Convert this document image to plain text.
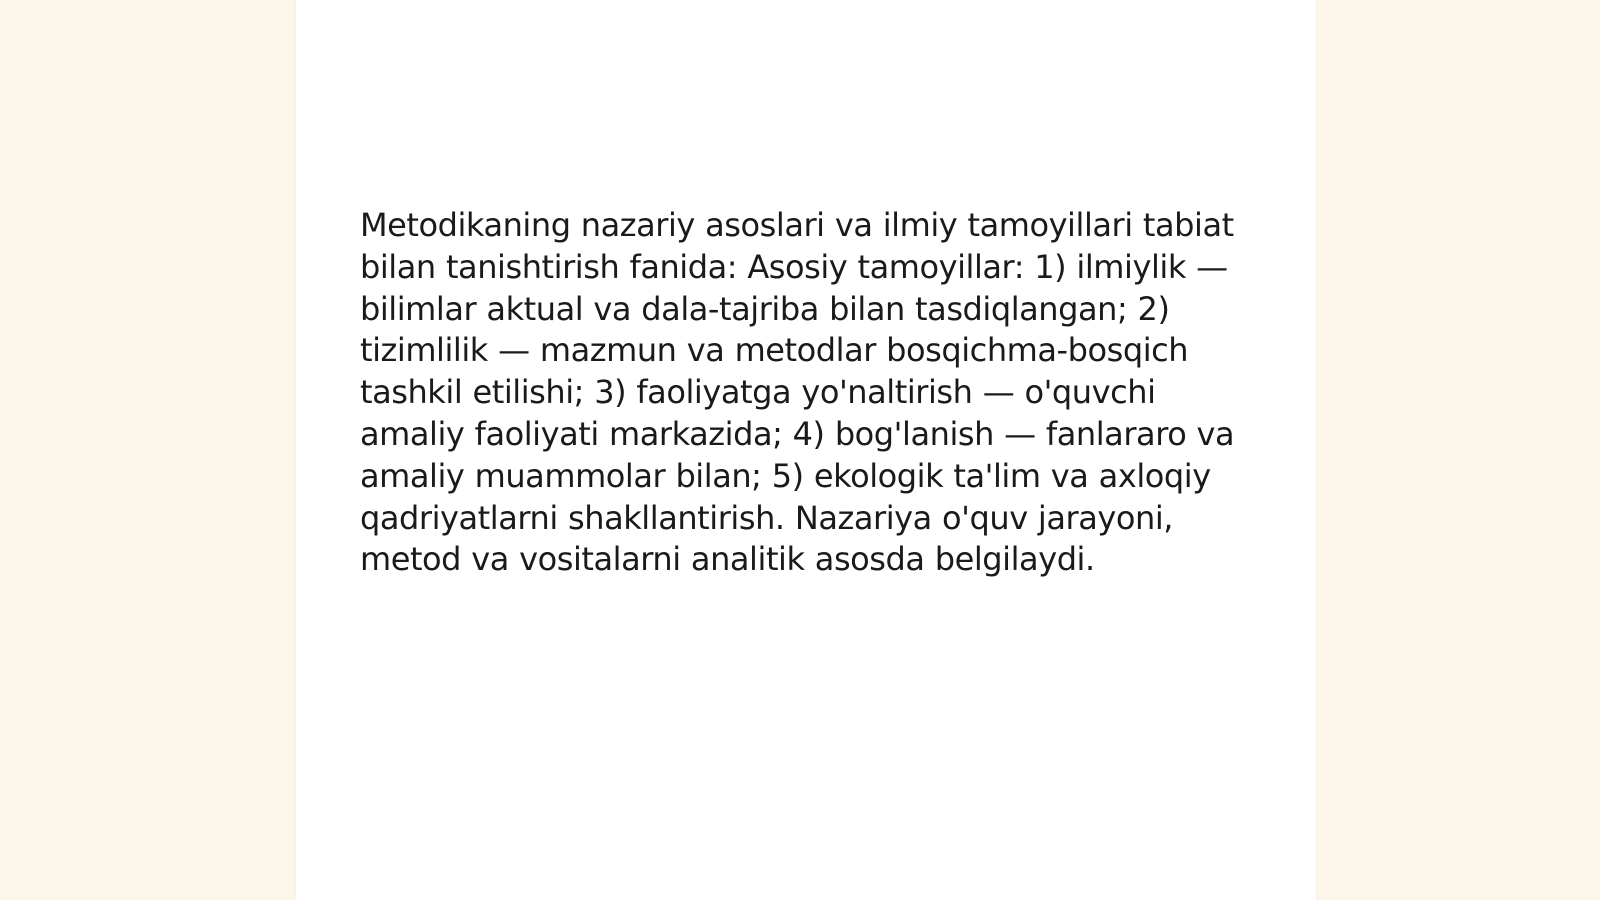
Metodikaning nazariy asoslari va ilmiy tamoyillari tabiat bilan tanishtirish fanida: Asosiy tamoyillar: 1) ilmiylik — bilimlar aktual va dala-tajriba bilan tasdiqlangan; 2) tizimlilik — mazmun va metodlar bosqichma-bosqich tashkil etilishi; 3) faoliyatga yo'naltirish — o'quvchi amaliy faoliyati markazida; 4) bog'lanish — fanlararo va amaliy muammolar bilan; 5) ekologik ta'lim va axloqiy qadriyatlarni shakllantirish. Nazariya o'quv jarayoni, metod va vositalarni analitik asosda belgilaydi.
